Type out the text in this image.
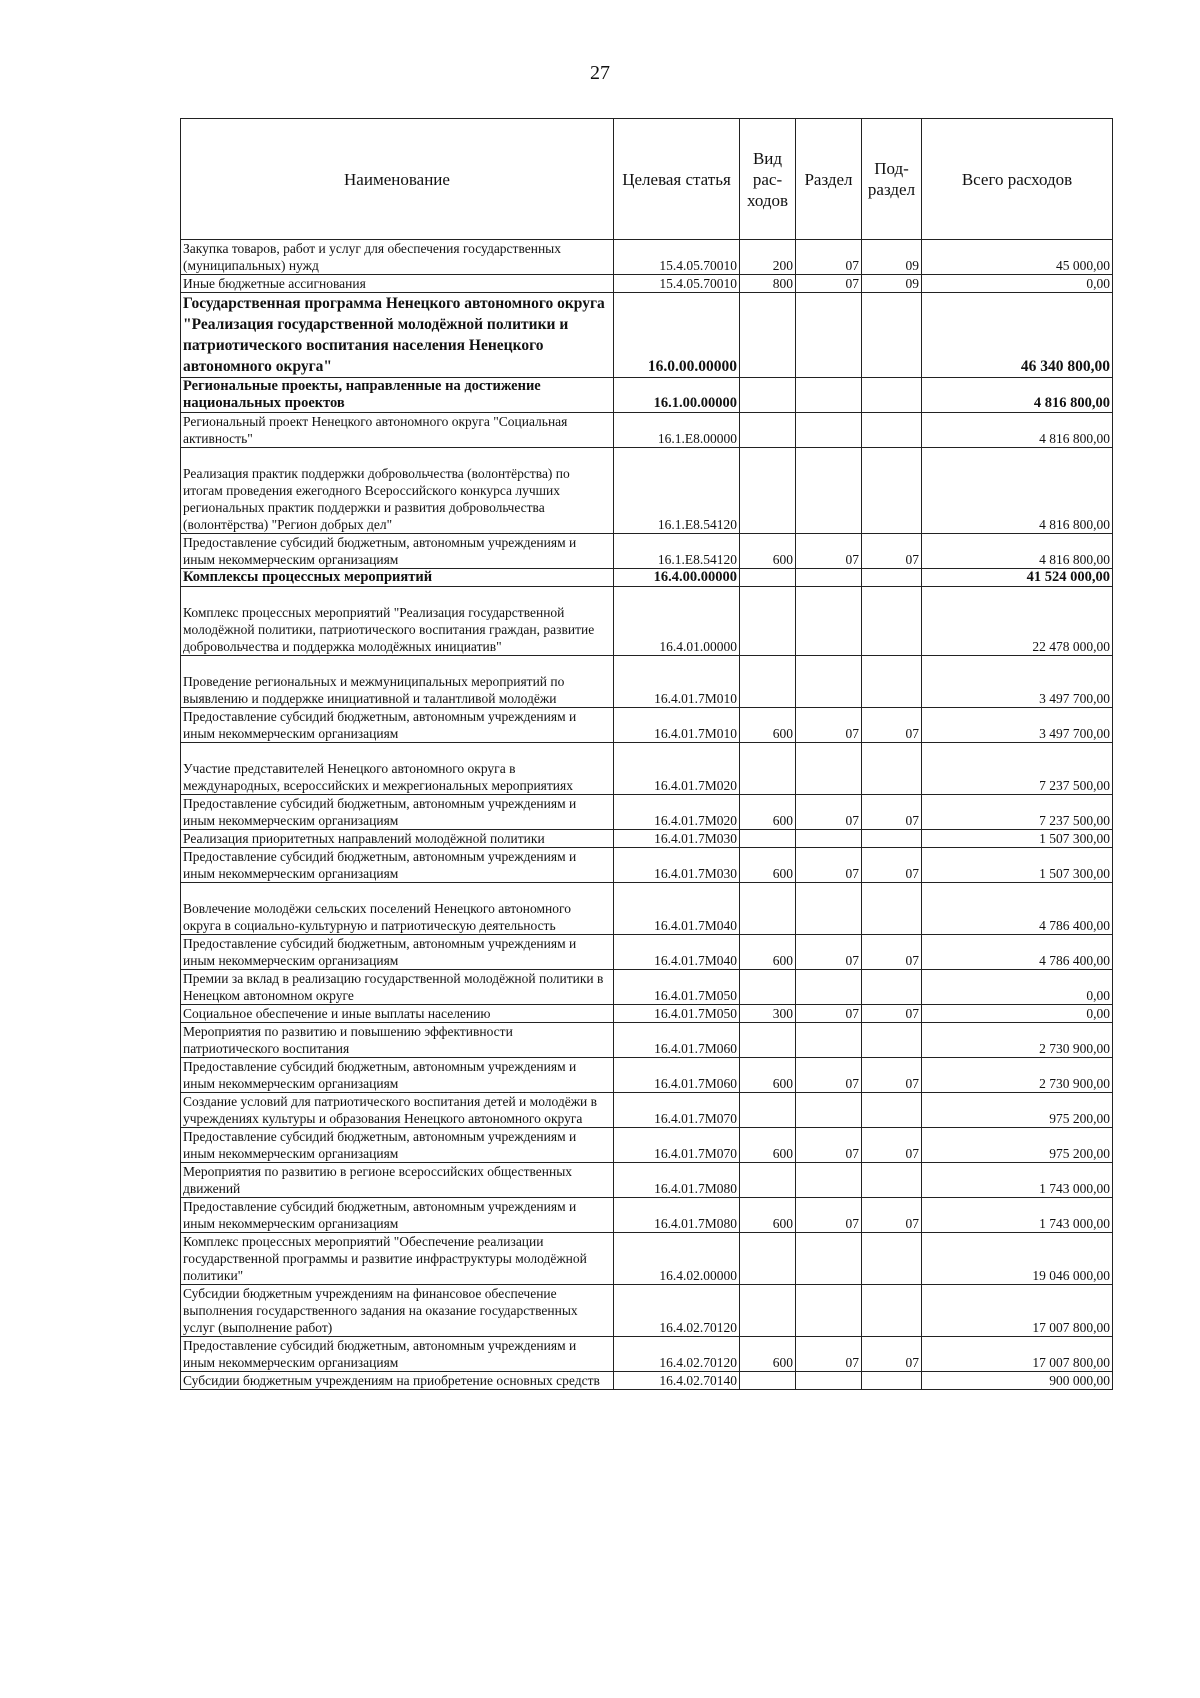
27
Наименование	Целевая статья	Вид рас- ходов	Раздел	Под- раздел	Всего расходов
Закупка товаров, работ и услуг для обеспечения государственных (муниципальных) нужд	15.4.05.70010	200	07	09	45 000,00
Иные бюджетные ассигнования	15.4.05.70010	800	07	09	0,00
Государственная программа Ненецкого автономного округа "Реализация государственной молодёжной политики и патриотического воспитания населения Ненецкого автономного округа"	16.0.00.00000				46 340 800,00
Региональные проекты, направленные на достижение национальных проектов	16.1.00.00000				4 816 800,00
Региональный проект Ненецкого автономного округа "Социальная активность"	16.1.Е8.00000				4 816 800,00
Реализация практик поддержки добровольчества (волонтёрства) по итогам проведения ежегодного Всероссийского конкурса лучших региональных практик поддержки и развития добровольчества (волонтёрства) "Регион добрых дел"	16.1.Е8.54120				4 816 800,00
Предоставление субсидий бюджетным, автономным учреждениям и иным некоммерческим организациям	16.1.Е8.54120	600	07	07	4 816 800,00
Комплексы процессных мероприятий	16.4.00.00000				41 524 000,00
Комплекс процессных мероприятий "Реализация государственной молодёжной политики, патриотического воспитания граждан, развитие добровольчества и поддержка молодёжных инициатив"	16.4.01.00000				22 478 000,00
Проведение региональных и межмуниципальных мероприятий по выявлению и поддержке инициативной и талантливой молодёжи	16.4.01.7М010				3 497 700,00
Предоставление субсидий бюджетным, автономным учреждениям и иным некоммерческим организациям	16.4.01.7М010	600	07	07	3 497 700,00
Участие представителей Ненецкого автономного округа в международных, всероссийских и межрегиональных мероприятиях	16.4.01.7М020				7 237 500,00
Предоставление субсидий бюджетным, автономным учреждениям и иным некоммерческим организациям	16.4.01.7М020	600	07	07	7 237 500,00
Реализация приоритетных направлений молодёжной политики	16.4.01.7М030				1 507 300,00
Предоставление субсидий бюджетным, автономным учреждениям и иным некоммерческим организациям	16.4.01.7М030	600	07	07	1 507 300,00
Вовлечение молодёжи сельских поселений Ненецкого автономного округа в социально-культурную и патриотическую деятельность	16.4.01.7М040				4 786 400,00
Предоставление субсидий бюджетным, автономным учреждениям и иным некоммерческим организациям	16.4.01.7М040	600	07	07	4 786 400,00
Премии за вклад в реализацию государственной молодёжной политики в Ненецком автономном округе	16.4.01.7М050				0,00
Социальное обеспечение и иные выплаты населению	16.4.01.7М050	300	07	07	0,00
Мероприятия по развитию и повышению эффективности патриотического воспитания	16.4.01.7М060				2 730 900,00
Предоставление субсидий бюджетным, автономным учреждениям и иным некоммерческим организациям	16.4.01.7М060	600	07	07	2 730 900,00
Создание условий для патриотического воспитания детей и молодёжи в учреждениях культуры и образования Ненецкого автономного округа	16.4.01.7М070				975 200,00
Предоставление субсидий бюджетным, автономным учреждениям и иным некоммерческим организациям	16.4.01.7М070	600	07	07	975 200,00
Мероприятия по развитию в регионе всероссийских общественных движений	16.4.01.7М080				1 743 000,00
Предоставление субсидий бюджетным, автономным учреждениям и иным некоммерческим организациям	16.4.01.7М080	600	07	07	1 743 000,00
Комплекс процессных мероприятий "Обеспечение реализации государственной программы и развитие инфраструктуры молодёжной политики"	16.4.02.00000				19 046 000,00
Субсидии бюджетным учреждениям на финансовое обеспечение выполнения государственного задания на оказание государственных услуг (выполнение работ)	16.4.02.70120				17 007 800,00
Предоставление субсидий бюджетным, автономным учреждениям и иным некоммерческим организациям	16.4.02.70120	600	07	07	17 007 800,00
Субсидии бюджетным учреждениям на приобретение основных средств	16.4.02.70140				900 000,00
